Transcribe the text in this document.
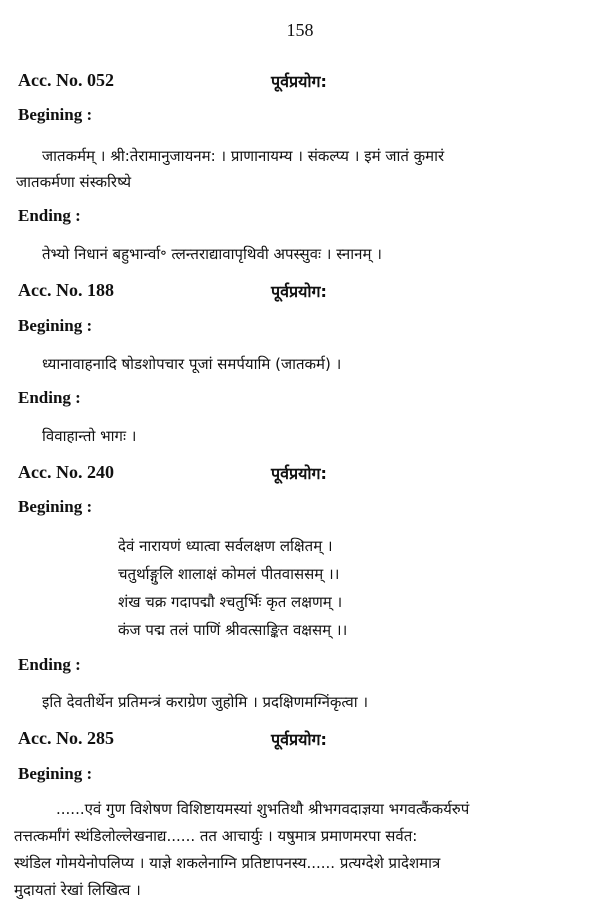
158
Acc. No. 052	पूर्वप्रयोग:
Begining :
जातकर्मम् । श्री:तेरामानुजायनम: । प्राणानायम्य । संकल्प्य । इमं जातं कुमारं
जातकर्मणा संस्करिष्ये
Ending :
तेभ्यो निधानं बहुभार्न्वा॰ त्लन्तराद्यावापृथिवी अपस्सुवः । स्नानम् ।
Acc. No. 188	पूर्वप्रयोग:
Begining :
ध्यानावाहनादि षोडशोपचार पूजां समर्पयामि (जातकर्म) ।
Ending :
विवाहान्तो भागः ।
Acc. No. 240	पूर्वप्रयोग:
Begining :
देवं नारायणं ध्यात्वा सर्वलक्षण लक्षितम् ।
चतुर्थाङ्गुलि शालाक्षं कोमलं पीतवाससम् ।।
शंख चक्र गदापद्मौ श्चतुर्भिः कृत लक्षणम् ।
कंज पद्म तलं पाणिं श्रीवत्साङ्कित वक्षसम् ।।
Ending :
इति देवतीर्थेन प्रतिमन्त्रं कराग्रेण जुहोमि । प्रदक्षिणमग्निंकृत्वा ।
Acc. No. 285	पूर्वप्रयोग:
Begining :
......एवं गुण विशेषण विशिष्टायमस्यां शुभतिथौ श्रीभगवदाज्ञया भगवत्कैंकर्यरुपं
तत्तत्कर्मांगं स्थंडिलोल्लेखनाद्य...... तत आचार्युः । यषुमात्र प्रमाणमरपा सर्वत:
स्थंडिल गोमयेनोपलिप्य । याज्ञे शकलेनाग्नि प्रतिष्टापनस्य...... प्रत्यग्देशे प्रादेशमात्र
मुदायतां रेखां लिखित्व ।
